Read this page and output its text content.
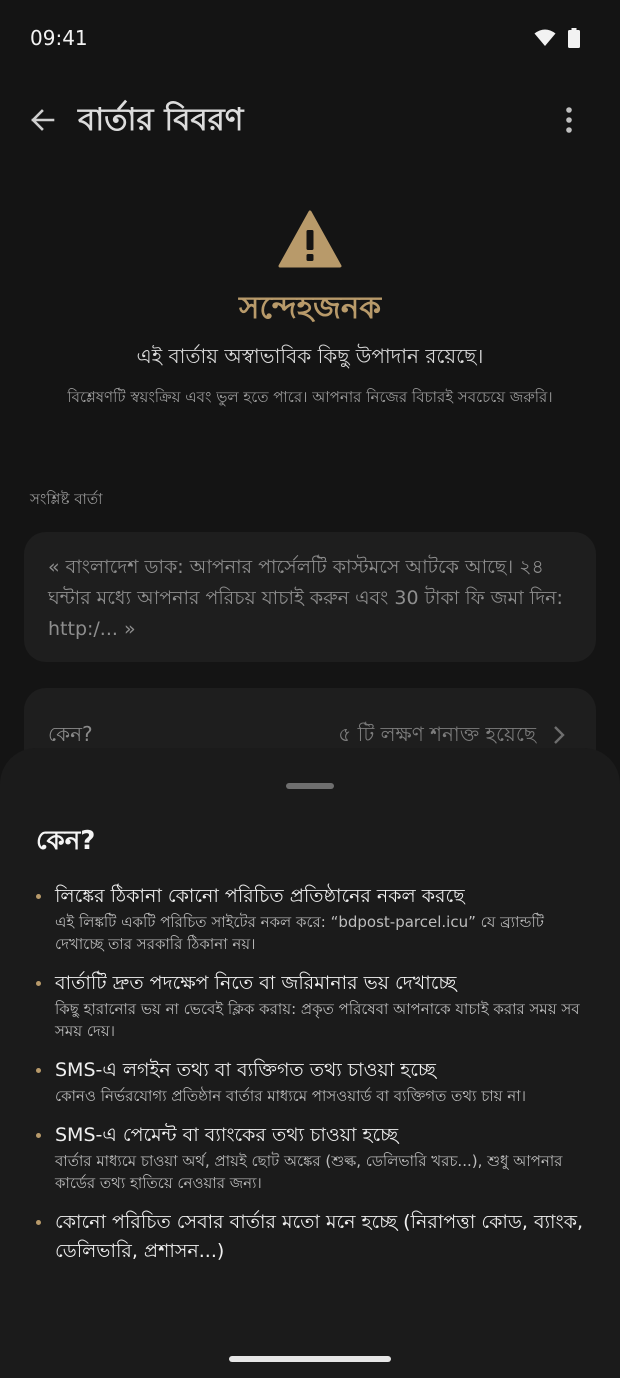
09:41
বার্তার বিবরণ
সন্দেহজনক
এই বার্তায় অস্বাভাবিক কিছু উপাদান রয়েছে।
বিশ্লেষণটি স্বয়ংক্রিয় এবং ভুল হতে পারে। আপনার নিজের বিচারই সবচেয়ে জরুরি।
সংশ্লিষ্ট বার্তা
« বাংলাদেশ ডাক: আপনার পার্সেলটি কাস্টমসে আটকে আছে। ২৪ ঘন্টার মধ্যে আপনার পরিচয় যাচাই করুন এবং 30 টাকা ফি জমা দিন: http:/... »
কেন?	৫ টি লক্ষণ শনাক্ত হয়েছে
কেন?
লিঙ্কের ঠিকানা কোনো পরিচিত প্রতিষ্ঠানের নকল করছে
এই লিঙ্কটি একটি পরিচিত সাইটের নকল করে: “bdpost-parcel.icu” যে ব্র্যান্ডটি দেখাচ্ছে তার সরকারি ঠিকানা নয়।
বার্তাটি দ্রুত পদক্ষেপ নিতে বা জরিমানার ভয় দেখাচ্ছে
কিছু হারানোর ভয় না ভেবেই ক্লিক করায়: প্রকৃত পরিষেবা আপনাকে যাচাই করার সময় সব সময় দেয়।
SMS-এ লগইন তথ্য বা ব্যক্তিগত তথ্য চাওয়া হচ্ছে
কোনও নির্ভরযোগ্য প্রতিষ্ঠান বার্তার মাধ্যমে পাসওয়ার্ড বা ব্যক্তিগত তথ্য চায় না।
SMS-এ পেমেন্ট বা ব্যাংকের তথ্য চাওয়া হচ্ছে
বার্তার মাধ্যমে চাওয়া অর্থ, প্রায়ই ছোট অঙ্কের (শুল্ক, ডেলিভারি খরচ...), শুধু আপনার কার্ডের তথ্য হাতিয়ে নেওয়ার জন্য।
কোনো পরিচিত সেবার বার্তার মতো মনে হচ্ছে (নিরাপত্তা কোড, ব্যাংক, ডেলিভারি, প্রশাসন...)
